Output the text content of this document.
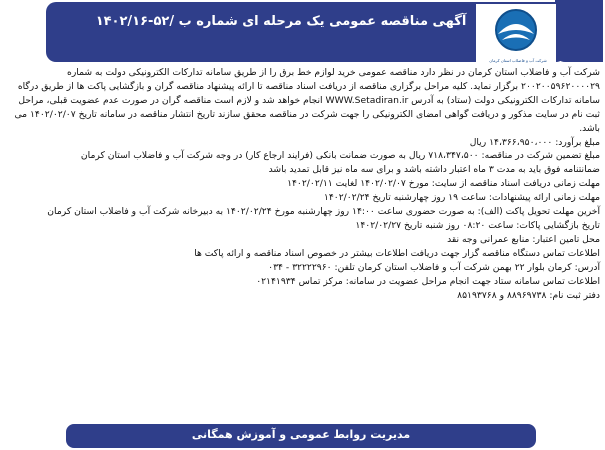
آگهی مناقصه عمومی یک مرحله ای شماره ب /۵۲-۱۴۰۲/۱۶
نوبت اول
شرکت آب و فاضلاب استان کرمان

شرکت آب و فاضلاب استان کرمان در نظر دارد مناقصه عمومی خرید لوازم خط برق را از طریق سامانه تدارکات الکترونیکی دولت به شماره ۲۰۰۲۰۰۵۹۶۲۰۰۰۰۲۹ برگزار نماید. کلیه مراحل برگزاری مناقصه از دریافت اسناد مناقصه تا ارائه پیشنهاد مناقصه گران و بازگشایی پاکت ها از طریق درگاه سامانه تدارکات الکترونیکی دولت (ستاد) به آدرس WWW.Setadiran.ir انجام خواهد شد و لازم است مناقصه گران در صورت عدم عضویت قبلی، مراحل ثبت نام در سایت مذکور و دریافت گواهی امضای الکترونیکی را جهت شرکت در مناقصه محقق سازند تاریخ انتشار مناقصه در سامانه تاریخ ۱۴۰۲/۰۲/۰۷ می باشد.

مبلغ برآورد: ۱۴،۳۶۶،۹۵۰،۰۰۰ ریال

مبلغ تضمین شرکت در مناقصه: ۷۱۸،۳۴۷،۵۰۰ ریال به صورت ضمانت بانکی (فرایند ارجاع کار) در وجه شرکت آب و فاضلاب استان کرمان

ضمانتنامه فوق باید به مدت ۳ ماه اعتبار داشته باشد و برای سه ماه نیز قابل تمدید باشد

مهلت زمانی دریافت اسناد مناقصه از سایت: مورخ ۱۴۰۲/۰۲/۰۷ لغایت ۱۴۰۲/۰۲/۱۱

مهلت زمانی ارائه پیشنهادات: ساعت ۱۹ روز چهارشنبه تاریخ ۱۴۰۲/۰۲/۲۴

آخرین مهلت تحویل پاکت (الف): به صورت حضوری ساعت ۱۴:۰۰ روز چهارشنبه مورخ ۱۴۰۲/۰۲/۲۴ به دبیرخانه شرکت آب و فاضلاب استان کرمان

تاریخ بازگشایی پاکات: ساعت ۰۸:۲۰ روز شنبه تاریخ ۱۴۰۲/۰۲/۲۷

محل تامین اعتبار: منابع عمرانی وجه نقد

اطلاعات تماس دستگاه مناقصه گزار جهت دریافت اطلاعات بیشتر در خصوص اسناد مناقصه و ارائه پاکت ها

آدرس: کرمان بلوار ۲۲ بهمن شرکت آب و فاضلاب استان کرمان تلفن: ۳۲۲۲۲۹۶۰ - ۰۳۴

اطلاعات تماس سامانه ستاد جهت انجام مراحل عضویت در سامانه: مرکز تماس ۰۲۱۴۱۹۳۴

دفتر ثبت نام: ۸۸۹۶۹۷۳۸ و ۸۵۱۹۳۷۶۸

مدیریت روابط عمومی و آموزش همگانی
